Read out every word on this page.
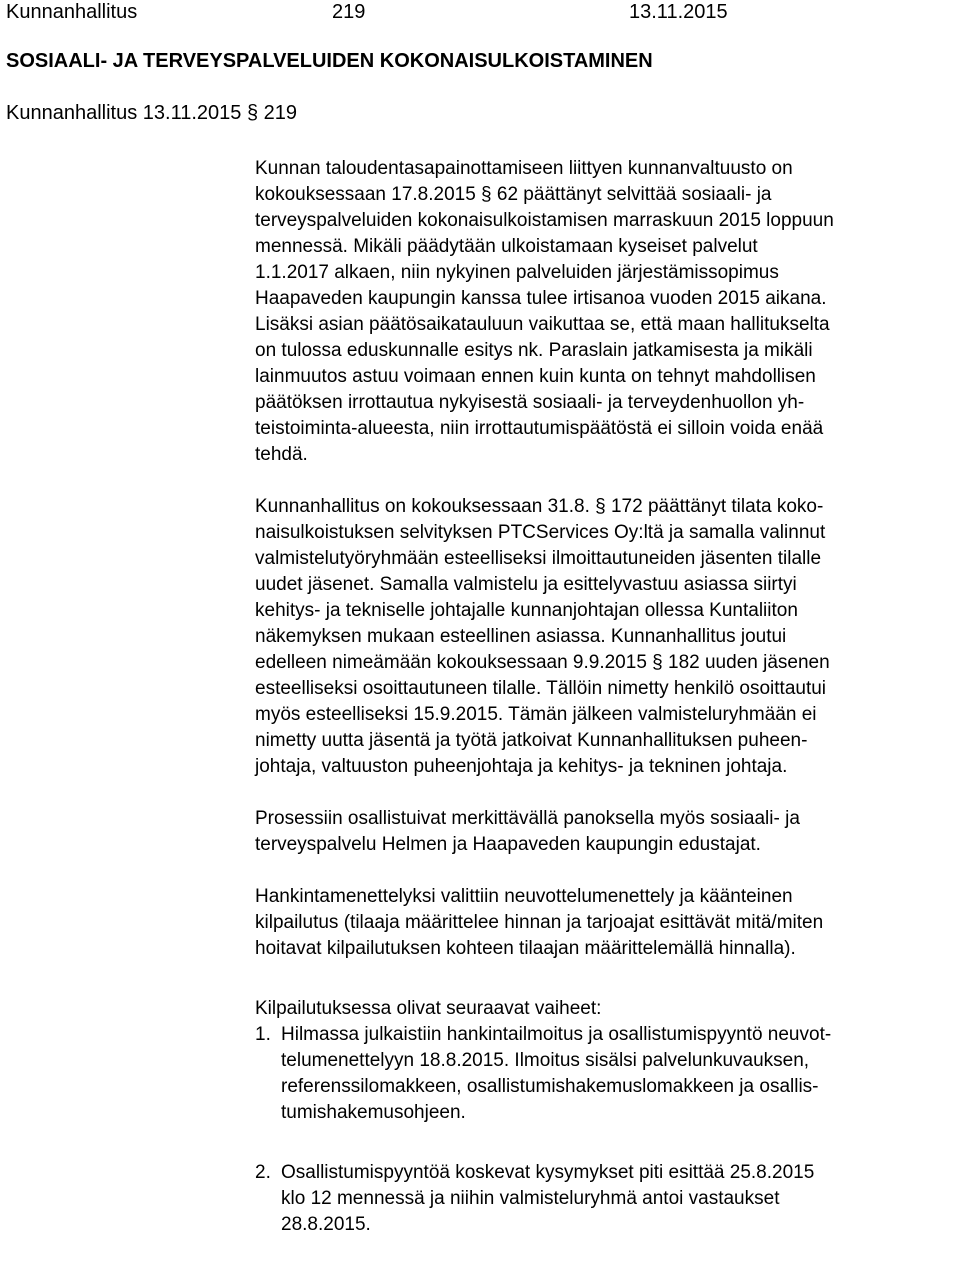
Kunnanhallitus	219	13.11.2015
SOSIAALI- JA TERVEYSPALVELUIDEN KOKONAISULKOISTAMINEN
Kunnanhallitus 13.11.2015 § 219
Kunnan taloudentasapainottamiseen liittyen kunnanvaltuusto on
kokouksessaan 17.8.2015 § 62 päättänyt selvittää sosiaali- ja
terveyspalveluiden kokonaisulkoistamisen marraskuun 2015 loppuun
mennessä. Mikäli päädytään ulkoistamaan kyseiset palvelut
1.1.2017 alkaen, niin nykyinen palveluiden järjestämissopimus
Haapaveden kaupungin kanssa tulee irtisanoa vuoden 2015 aikana.
Lisäksi asian päätösaikatauluun vaikuttaa se, että maan hallitukselta
on tulossa eduskunnalle esitys nk. Paraslain jatkamisesta ja mikäli
lainmuutos astuu voimaan ennen kuin kunta on tehnyt mahdollisen
päätöksen irrottautua nykyisestä sosiaali- ja terveydenhuollon yh-
teistoiminta-alueesta, niin irrottautumispäätöstä ei silloin voida enää
tehdä.
Kunnanhallitus on kokouksessaan 31.8. § 172 päättänyt tilata koko-
naisulkoistuksen selvityksen PTCServices Oy:ltä ja samalla valinnut
valmistelutyöryhmään esteelliseksi ilmoittautuneiden jäsenten tilalle
uudet jäsenet. Samalla valmistelu ja esittelyvastuu asiassa siirtyi
kehitys- ja tekniselle johtajalle kunnanjohtajan ollessa Kuntaliiton
näkemyksen mukaan esteellinen asiassa. Kunnanhallitus joutui
edelleen nimeämään kokouksessaan 9.9.2015 § 182 uuden jäsenen
esteelliseksi osoittautuneen tilalle. Tällöin nimetty henkilö osoittautui
myös esteelliseksi 15.9.2015. Tämän jälkeen valmisteluryhmään ei
nimetty uutta jäsentä ja työtä jatkoivat Kunnanhallituksen puheen-
johtaja, valtuuston puheenjohtaja ja kehitys- ja tekninen johtaja.
Prosessiin osallistuivat merkittävällä panoksella myös sosiaali- ja
terveyspalvelu Helmen ja Haapaveden kaupungin edustajat.
Hankintamenettelyksi valittiin neuvottelumenettely ja käänteinen
kilpailutus (tilaaja määrittelee hinnan ja tarjoajat esittävät mitä/miten
hoitavat kilpailutuksen kohteen tilaajan määrittelemällä hinnalla).
Kilpailutuksessa olivat seuraavat vaiheet:
1. Hilmassa julkaistiin hankintailmoitus ja osallistumispyyntö neuvot-
telumenettelyyn 18.8.2015. Ilmoitus sisälsi palvelunkuvauksen,
referenssilomakkeen, osallistumishakemuslomakkeen ja osallis-
tumishakemusohjeen.
2. Osallistumispyyntöä koskevat kysymykset piti esittää 25.8.2015
klo 12 mennessä ja niihin valmisteluryhmä antoi vastaukset
28.8.2015.
